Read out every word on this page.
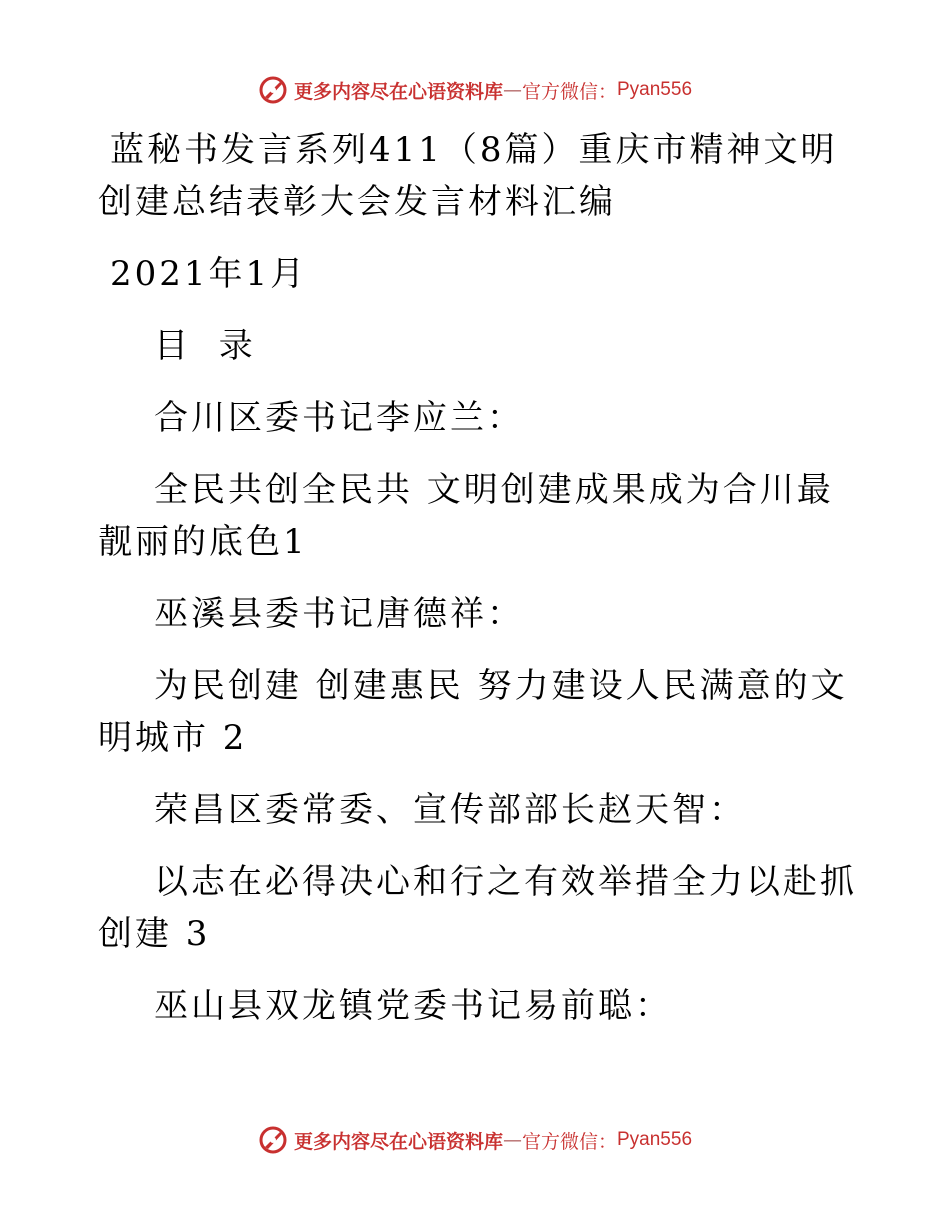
更多内容尽在心语资料库 — 官方微信： Pyan556

蓝秘书发言系列411（8篇）重庆市精神文明创建总结表彰大会发言材料汇编

2021年1月

目 录

合川区委书记李应兰：

全民共创全民共 文明创建成果成为合川最靓丽的底色1

巫溪县委书记唐德祥：

为民创建 创建惠民 努力建设人民满意的文明城市 2

荣昌区委常委、宣传部部长赵天智：

以志在必得决心和行之有效举措全力以赴抓创建 3

巫山县双龙镇党委书记易前聪：

更多内容尽在心语资料库 — 官方微信： Pyan556
